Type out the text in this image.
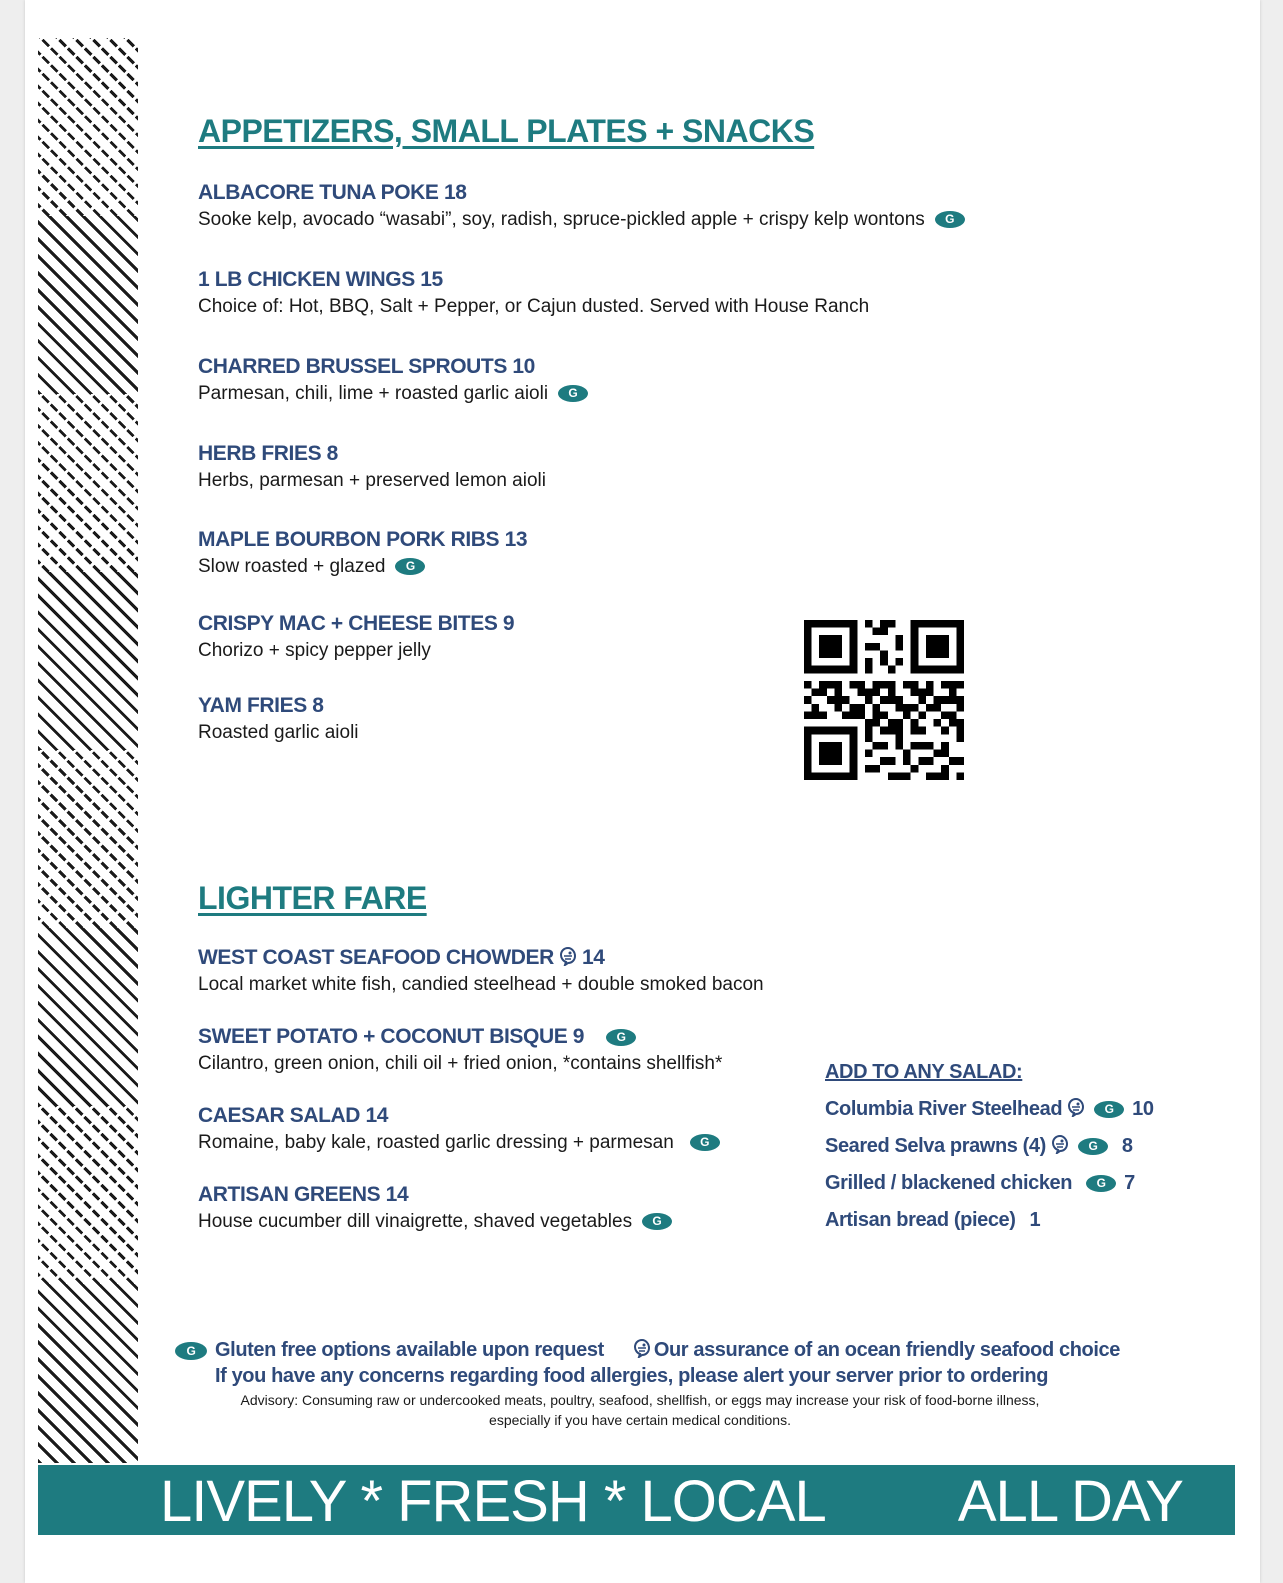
APPETIZERS, SMALL PLATES + SNACKS
ALBACORE TUNA POKE 18
Sooke kelp, avocado “wasabi”, soy, radish, spruce-pickled apple + crispy kelp wontons G
1 LB CHICKEN WINGS 15
Choice of: Hot, BBQ, Salt + Pepper, or Cajun dusted. Served with House Ranch
CHARRED BRUSSEL SPROUTS 10
Parmesan, chili, lime + roasted garlic aioli G
HERB FRIES 8
Herbs, parmesan + preserved lemon aioli
MAPLE BOURBON PORK RIBS 13
Slow roasted + glazed G
CRISPY MAC + CHEESE BITES 9
Chorizo + spicy pepper jelly
YAM FRIES 8
Roasted garlic aioli
LIGHTER FARE
WEST COAST SEAFOOD CHOWDER 14
Local market white fish, candied steelhead + double smoked bacon
SWEET POTATO + COCONUT BISQUE 9	G
Cilantro, green onion, chili oil + fried onion, *contains shellfish*
CAESAR SALAD 14
Romaine, baby kale, roasted garlic dressing + parmesan G
ARTISAN GREENS 14
House cucumber dill vinaigrette, shaved vegetables G
ADD TO ANY SALAD:
Columbia River Steelhead	G 10
Seared Selva prawns (4)	G 8
Grilled / blackened chicken G 7
Artisan bread (piece) 1
G Gluten free options available upon request	Our assurance of an ocean friendly seafood choice
If you have any concerns regarding food allergies, please alert your server prior to ordering
Advisory: Consuming raw or undercooked meats, poultry, seafood, shellfish, or eggs may increase your risk of food-borne illness, especially if you have certain medical conditions.
LIVELY * FRESH * LOCAL ALL DAY
